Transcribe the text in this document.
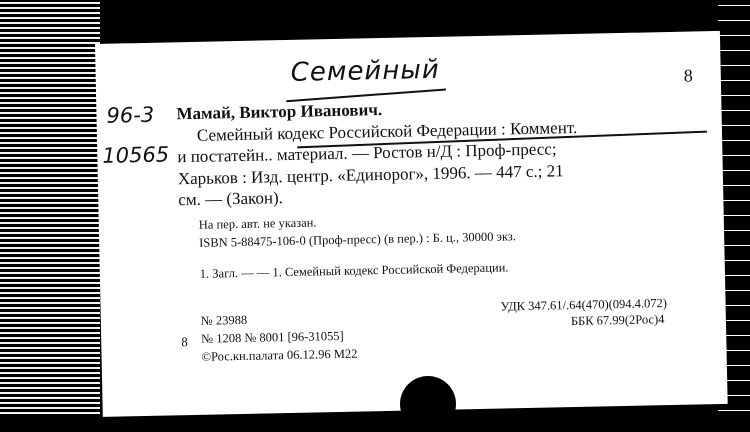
Семейный	8
96-3
10565
Мамай, Виктор Иванович.
Семейный кодекс Российской Федерации : Коммент.
и постатейн.. материал. — Ростов н/Д : Проф-пресс;
Харьков : Изд. центр. «Единорог», 1996. — 447 с.; 21
см. — (Закон).
На пер. авт. не указан.
ISBN 5-88475-106-0 (Проф-пресс) (в пер.) : Б. ц., 30000 экз.
1. Загл. — — 1. Семейный кодекс Российской Федерации.
8
№ 23988
№ 1208 № 8001 [96-31055]
©Рос.кн.палата 06.12.96 М22
УДК 347.61/.64(470)(094.4.072)
ББК 67.99(2Рос)4
